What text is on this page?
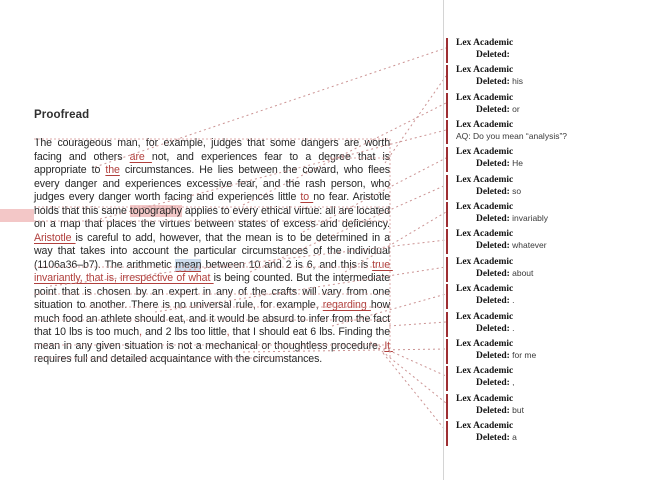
Proofread
The courageous man, for example, judges that some dangers are worth facing and others are not, and experiences fear to a degree that is appropriate to the circumstances. He lies between the coward, who flees every danger and experiences excessive fear, and the rash person, who judges every danger worth facing and experiences little to no fear. Aristotle holds that this same topography applies to every ethical virtue: all are located on a map that places the virtues between states of excess and deficiency. Aristotle is careful to add, however, that the mean is to be determined in a way that takes into account the particular circumstances of the individual (1106a36–b7). The arithmetic mean between 10 and 2 is 6, and this is true invariantly, that is, irrespective of what is being counted. But the intermediate point that is chosen by an expert in any of the crafts will vary from one situation to another. There is no universal rule, for example, regarding how much food an athlete should eat, and it would be absurd to infer from the fact that 10 lbs is too much, and 2 lbs too little, that I should eat 6 lbs. Finding the mean in any given situation is not a mechanical or thoughtless procedure. It requires full and detailed acquaintance with the circumstances.
Lex Academic
Deleted:
Lex Academic
Deleted: his
Lex Academic
Deleted: or
Lex Academic
AQ: Do you mean “analysis”?
Lex Academic
Deleted: He
Lex Academic
Deleted: so
Lex Academic
Deleted: invariably
Lex Academic
Deleted: whatever
Lex Academic
Deleted: about
Lex Academic
Deleted: .
Lex Academic
Deleted: .
Lex Academic
Deleted: for me
Lex Academic
Deleted: ,
Lex Academic
Deleted: but
Lex Academic
Deleted: a
